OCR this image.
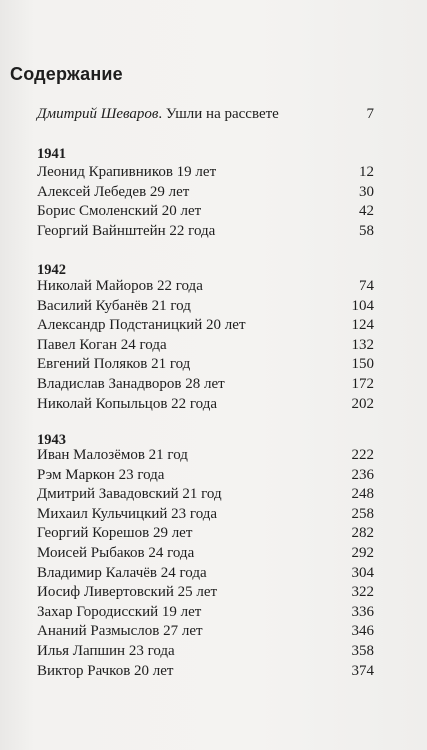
Содержание
Дмитрий Шеваров. Ушли на рассвете	7
1941
Леонид Крапивников 19 лет	12
Алексей Лебедев 29 лет	30
Борис Смоленский 20 лет	42
Георгий Вайнштейн 22 года	58
1942
Николай Майоров 22 года	74
Василий Кубанёв 21 год	104
Александр Подстаницкий 20 лет	124
Павел Коган 24 года	132
Евгений Поляков 21 год	150
Владислав Занадворов 28 лет	172
Николай Копыльцов 22 года	202
1943
Иван Малозёмов 21 год	222
Рэм Маркон 23 года	236
Дмитрий Завадовский 21 год	248
Михаил Кульчицкий 23 года	258
Георгий Корешов 29 лет	282
Моисей Рыбаков 24 года	292
Владимир Калачёв 24 года	304
Иосиф Ливертовский 25 лет	322
Захар Городисский 19 лет	336
Ананий Размыслов 27 лет	346
Илья Лапшин 23 года	358
Виктор Рачков 20 лет	374
